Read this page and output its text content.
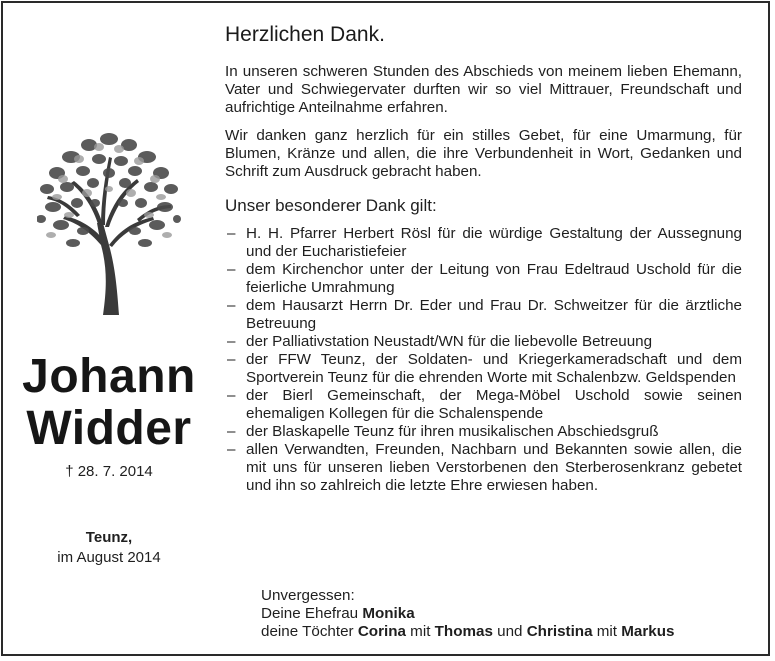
Johann
Widder
† 28. 7. 2014
Teunz,
im August 2014
Herzlichen Dank.

In unseren schweren Stunden des Abschieds von meinem lieben Ehemann, Vater und Schwiegervater durften wir so viel Mittrauer, Freundschaft und aufrichtige Anteilnahme erfahren.

Wir danken ganz herzlich für ein stilles Gebet, für eine Umarmung, für Blumen, Kränze und allen, die ihre Verbundenheit in Wort, Gedanken und Schrift zum Ausdruck gebracht haben.

Unser besonderer Dank gilt:
– H. H. Pfarrer Herbert Rösl für die würdige Gestaltung der Aussegnung und der Eucharistiefeier
– dem Kirchenchor unter der Leitung von Frau Edeltraud Uschold für die feierliche Umrahmung
– dem Hausarzt Herrn Dr. Eder und Frau Dr. Schweitzer für die ärztliche Betreuung
– der Palliativstation Neustadt/WN für die liebevolle Betreuung
– der FFW Teunz, der Soldaten- und Kriegerkameradschaft und dem Sportverein Teunz für die ehrenden Worte mit Schalenbzw. Geldspenden
– der Bierl Gemeinschaft, der Mega-Möbel Uschold sowie seinen ehemaligen Kollegen für die Schalenspende
– der Blaskapelle Teunz für ihren musikalischen Abschiedsgruß
– allen Verwandten, Freunden, Nachbarn und Bekannten sowie allen, die mit uns für unseren lieben Verstorbenen den Sterberosenkranz gebetet und ihn so zahlreich die letzte Ehre erwiesen haben.
Unvergessen:
Deine Ehefrau Monika
deine Töchter Corina mit Thomas und Christina mit Markus
